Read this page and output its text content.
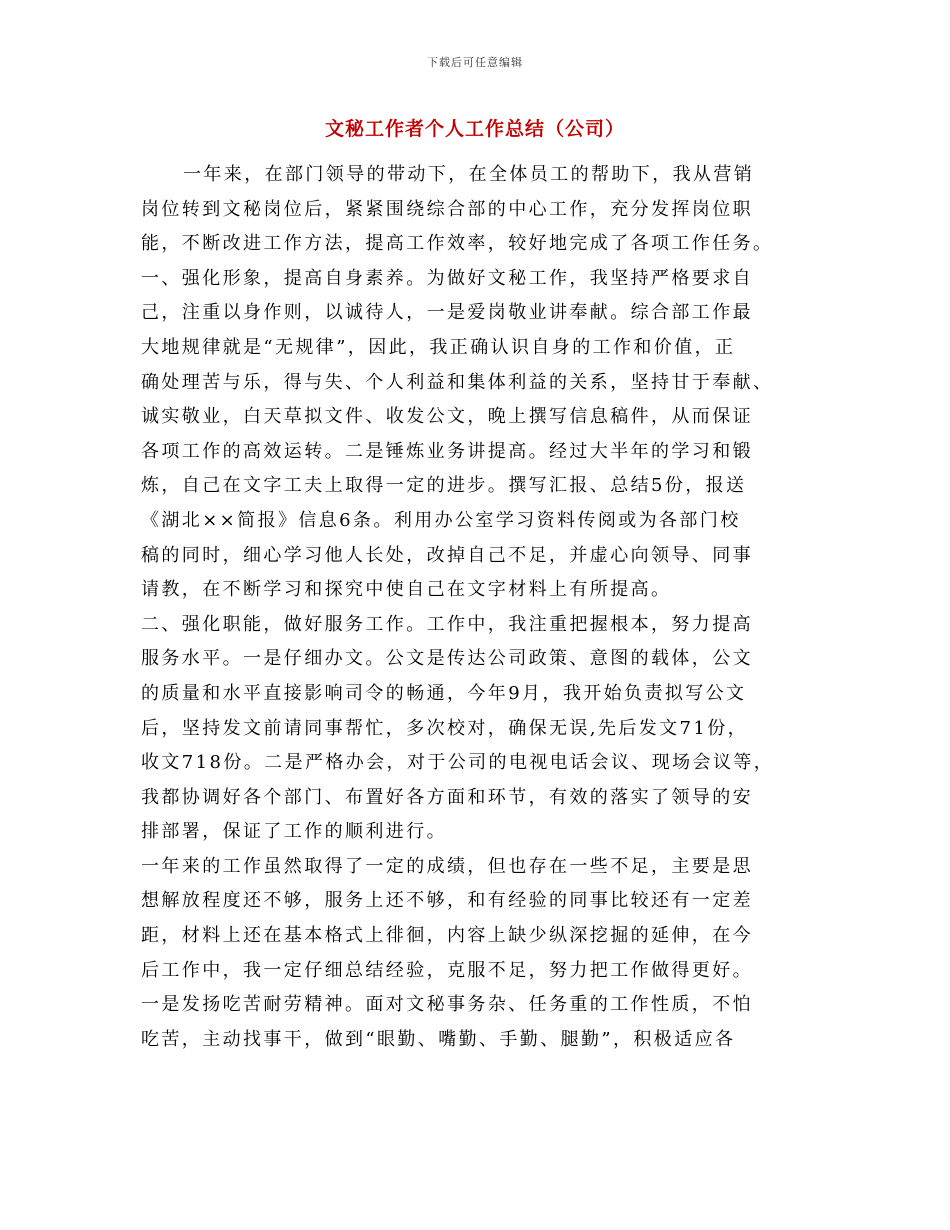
下载后可任意编辑
文秘工作者个人工作总结（公司）
一年来，在部门领导的带动下，在全体员工的帮助下，我从营销
岗位转到文秘岗位后，紧紧围绕综合部的中心工作，充分发挥岗位职
能，不断改进工作方法，提高工作效率，较好地完成了各项工作任务。
一、强化形象，提高自身素养。为做好文秘工作，我坚持严格要求自
己，注重以身作则，以诚待人，一是爱岗敬业讲奉献。综合部工作最
大地规律就是“无规律”，因此，我正确认识自身的工作和价值，正
确处理苦与乐，得与失、个人利益和集体利益的关系，坚持甘于奉献、
诚实敬业，白天草拟文件、收发公文，晚上撰写信息稿件，从而保证
各项工作的高效运转。二是锤炼业务讲提高。经过大半年的学习和锻
炼，自己在文字工夫上取得一定的进步。撰写汇报、总结5份，报送
《湖北××简报》信息6条。利用办公室学习资料传阅或为各部门校
稿的同时，细心学习他人长处，改掉自己不足，并虚心向领导、同事
请教，在不断学习和探究中使自己在文字材料上有所提高。
二、强化职能，做好服务工作。工作中，我注重把握根本，努力提高
服务水平。一是仔细办文。公文是传达公司政策、意图的载体，公文
的质量和水平直接影响司令的畅通，今年9月，我开始负责拟写公文
后，坚持发文前请同事帮忙，多次校对，确保无误,先后发文71份，
收文718份。二是严格办会，对于公司的电视电话会议、现场会议等，
我都协调好各个部门、布置好各方面和环节，有效的落实了领导的安
排部署，保证了工作的顺利进行。
一年来的工作虽然取得了一定的成绩，但也存在一些不足，主要是思
想解放程度还不够，服务上还不够，和有经验的同事比较还有一定差
距，材料上还在基本格式上徘徊，内容上缺少纵深挖掘的延伸，在今
后工作中，我一定仔细总结经验，克服不足，努力把工作做得更好。
一是发扬吃苦耐劳精神。面对文秘事务杂、任务重的工作性质，不怕
吃苦，主动找事干，做到“眼勤、嘴勤、手勤、腿勤”，积极适应各
